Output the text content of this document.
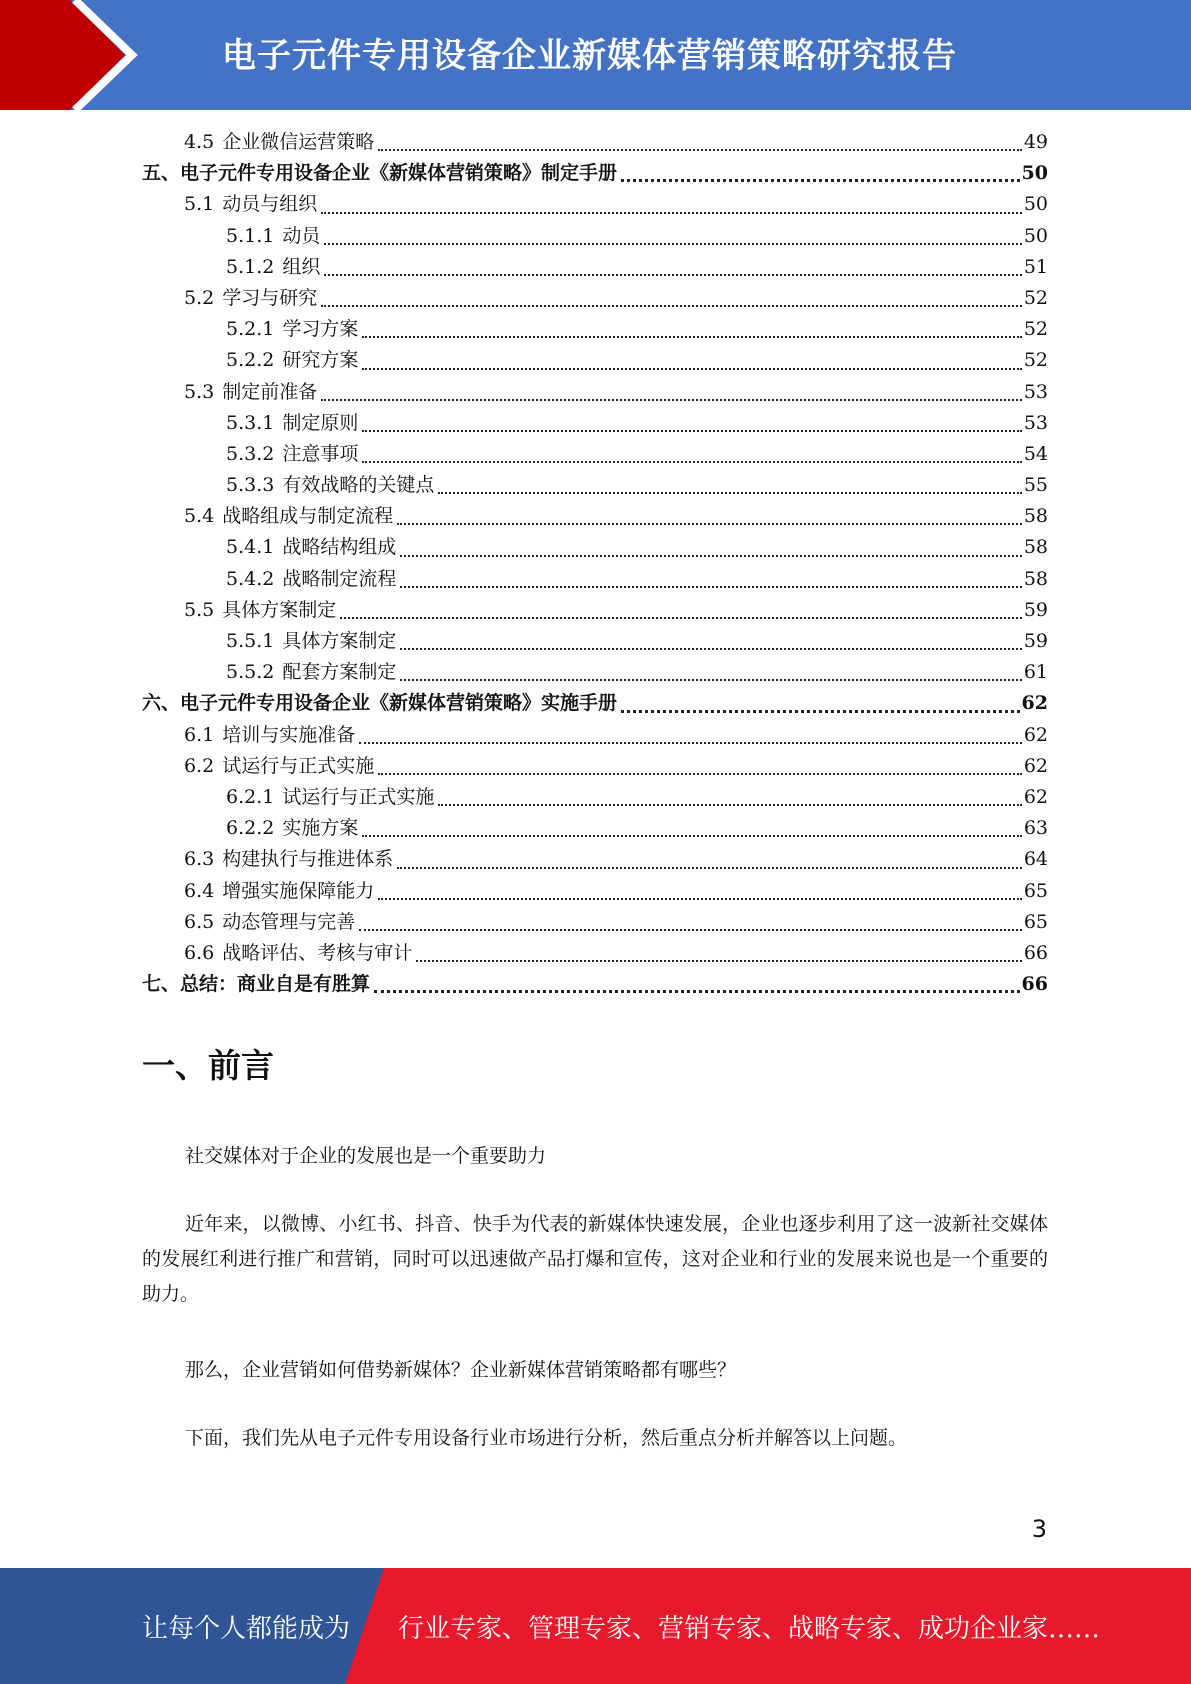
电子元件专用设备企业新媒体营销策略研究报告
4.5 企业微信运营策略	49
五、 电子元件专用设备企业《新媒体营销策略》制定手册	50
5.1 动员与组织	50
5.1.1 动员	50
5.1.2 组织	51
5.2 学习与研究	52
5.2.1 学习方案	52
5.2.2 研究方案	52
5.3 制定前准备	53
5.3.1 制定原则	53
5.3.2 注意事项	54
5.3.3 有效战略的关键点	55
5.4 战略组成与制定流程	58
5.4.1 战略结构组成	58
5.4.2 战略制定流程	58
5.5 具体方案制定	59
5.5.1 具体方案制定	59
5.5.2 配套方案制定	61
六、 电子元件专用设备企业《新媒体营销策略》实施手册	62
6.1 培训与实施准备	62
6.2 试运行与正式实施	62
6.2.1 试运行与正式实施	62
6.2.2 实施方案	63
6.3 构建执行与推进体系	64
6.4 增强实施保障能力	65
6.5 动态管理与完善	65
6.6 战略评估、考核与审计	66
七、 总结：商业自是有胜算	66
一、前言

社交媒体对于企业的发展也是一个重要助力

近年来，以微博、小红书、抖音、快手为代表的新媒体快速发展，企业也逐步利用了这一波新社交媒体的发展红利进行推广和营销，同时可以迅速做产品打爆和宣传，这对企业和行业的发展来说也是一个重要的助力。

那么，企业营销如何借势新媒体？企业新媒体营销策略都有哪些？

下面，我们先从电子元件专用设备行业市场进行分析，然后重点分析并解答以上问题。

3
让每个人都能成为 行业专家、管理专家、营销专家、战略专家、成功企业家……
